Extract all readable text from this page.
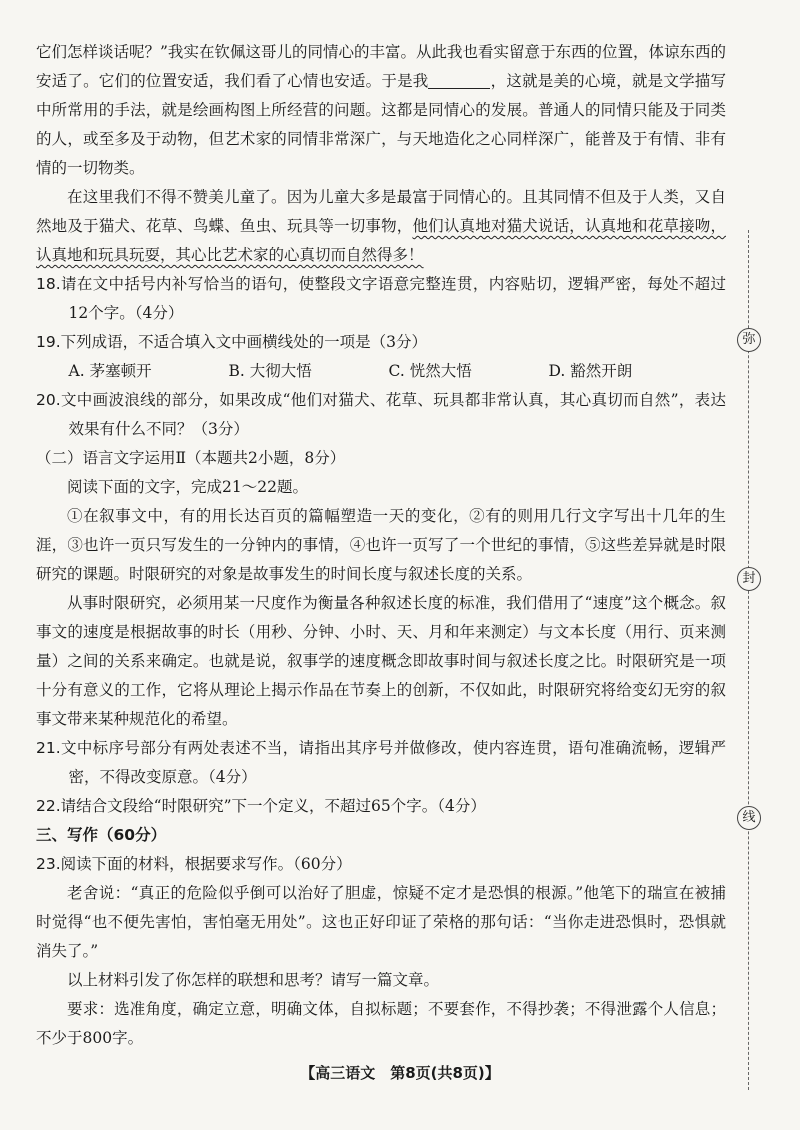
它们怎样谈话呢？”我实在钦佩这哥儿的同情心的丰富。从此我也看实留意于东西的位置，体谅东西的安适了。它们的位置安适，我们看了心情也安适。于是我	，这就是美的心境，就是文学描写中所常用的手法，就是绘画构图上所经营的问题。这都是同情心的发展。普通人的同情只能及于同类的人，或至多及于动物，但艺术家的同情非常深广，与天地造化之心同样深广，能普及于有情、非有情的一切物类。

在这里我们不得不赞美儿童了。因为儿童大多是最富于同情心的。且其同情不但及于人类，又自然地及于猫犬、花草、鸟蝶、鱼虫、玩具等一切事物，他们认真地对猫犬说话，认真地和花草接吻，认真地和玩具玩耍，其心比艺术家的心真切而自然得多！

18.请在文中括号内补写恰当的语句，使整段文字语意完整连贯，内容贴切，逻辑严密，每处不超过12个字。（4分）

19.下列成语，不适合填入文中画横线处的一项是（3分）

A. 茅塞顿开	B. 大彻大悟	C. 恍然大悟	D. 豁然开朗

20.文中画波浪线的部分，如果改成“他们对猫犬、花草、玩具都非常认真，其心真切而自然”，表达效果有什么不同？（3分）

（二）语言文字运用Ⅱ（本题共2小题，8分）

阅读下面的文字，完成21～22题。

①在叙事文中，有的用长达百页的篇幅塑造一天的变化，②有的则用几行文字写出十几年的生涯，③也许一页只写发生的一分钟内的事情，④也许一页写了一个世纪的事情，⑤这些差异就是时限研究的课题。时限研究的对象是故事发生的时间长度与叙述长度的关系。

从事时限研究，必须用某一尺度作为衡量各种叙述长度的标准，我们借用了“速度”这个概念。叙事文的速度是根据故事的时长（用秒、分钟、小时、天、月和年来测定）与文本长度（用行、页来测量）之间的关系来确定。也就是说，叙事学的速度概念即故事时间与叙述长度之比。时限研究是一项十分有意义的工作，它将从理论上揭示作品在节奏上的创新，不仅如此，时限研究将给变幻无穷的叙事文带来某种规范化的希望。

21.文中标序号部分有两处表述不当，请指出其序号并做修改，使内容连贯，语句准确流畅，逻辑严密，不得改变原意。（4分）

22.请结合文段给“时限研究”下一个定义，不超过65个字。（4分）

三、写作（60分）

23.阅读下面的材料，根据要求写作。（60分）

老舍说：“真正的危险似乎倒可以治好了胆虚，惊疑不定才是恐惧的根源。”他笔下的瑞宣在被捕时觉得“也不便先害怕，害怕毫无用处”。这也正好印证了荣格的那句话：“当你走进恐惧时，恐惧就消失了。”

以上材料引发了你怎样的联想和思考？请写一篇文章。

要求：选准角度，确定立意，明确文体，自拟标题；不要套作，不得抄袭；不得泄露个人信息；不少于800字。

弥
封
线
【高三语文　第8页(共8页)】
